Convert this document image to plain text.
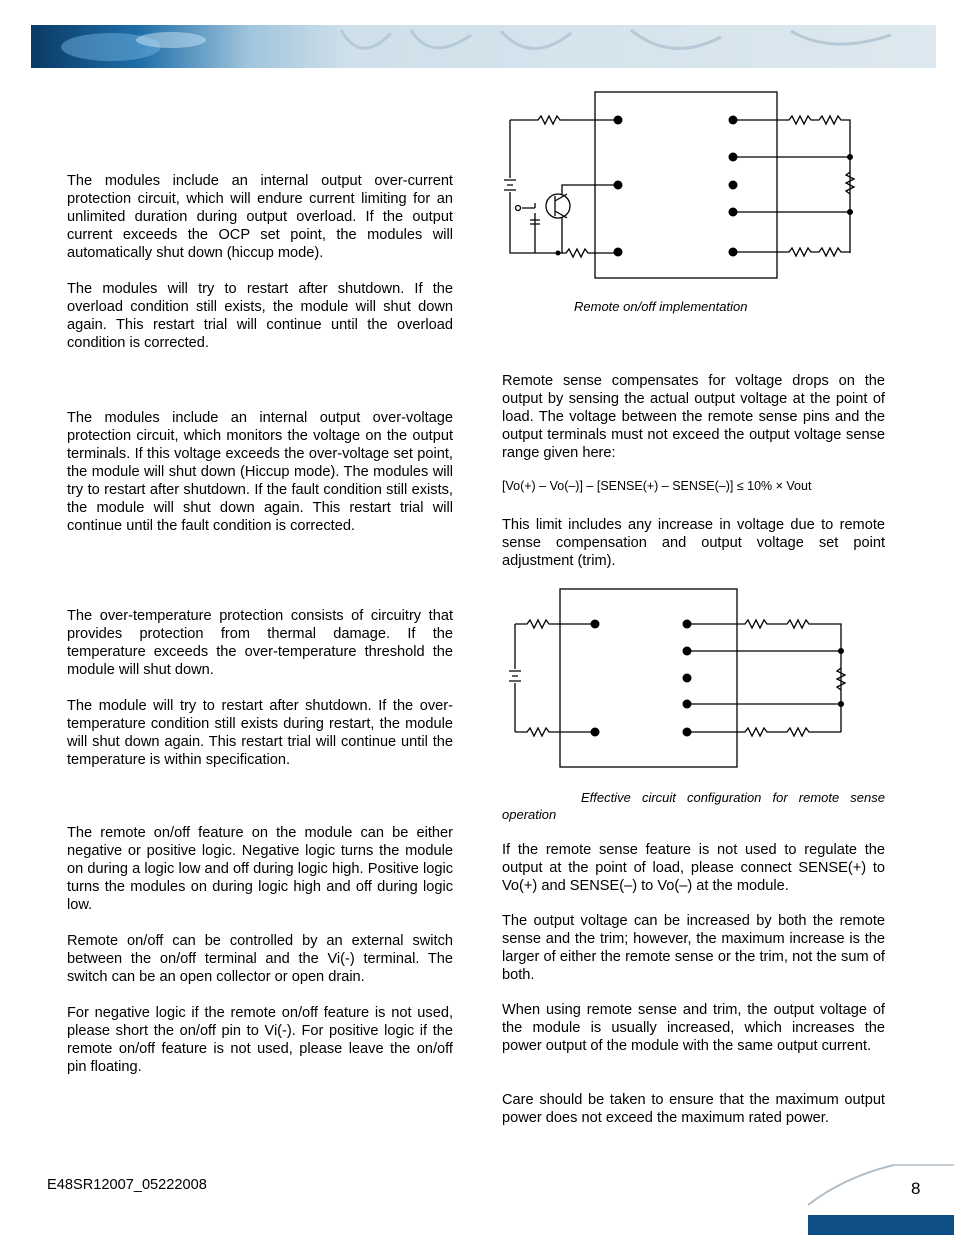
The modules include an internal output over-current protection circuit, which will endure current limiting for an unlimited duration during output overload. If the output current exceeds the OCP set point, the modules will automatically shut down (hiccup mode).

The modules will try to restart after shutdown. If the overload condition still exists, the module will shut down again. This restart trial will continue until the overload condition is corrected.

The modules include an internal output over-voltage protection circuit, which monitors the voltage on the output terminals. If this voltage exceeds the over-voltage set point, the module will shut down (Hiccup mode). The modules will try to restart after shutdown. If the fault condition still exists, the module will shut down again. This restart trial will continue until the fault condition is corrected.

The over-temperature protection consists of circuitry that provides protection from thermal damage. If the temperature exceeds the over-temperature threshold the module will shut down.

The module will try to restart after shutdown. If the over-temperature condition still exists during restart, the module will shut down again. This restart trial will continue until the temperature is within specification.

The remote on/off feature on the module can be either negative or positive logic. Negative logic turns the module on during a logic low and off during logic high. Positive logic turns the modules on during logic high and off during logic low.

Remote on/off can be controlled by an external switch between the on/off terminal and the Vi(-) terminal. The switch can be an open collector or open drain.

For negative logic if the remote on/off feature is not used, please short the on/off pin to Vi(-). For positive logic if the remote on/off feature is not used, please leave the on/off pin floating.

Remote on/off implementation

Remote sense compensates for voltage drops on the output by sensing the actual output voltage at the point of load. The voltage between the remote sense pins and the output terminals must not exceed the output voltage sense range given here:

[Vo(+) – Vo(–)] – [SENSE(+) – SENSE(–)] ≤ 10% × Vout

This limit includes any increase in voltage due to remote sense compensation and output voltage set point adjustment (trim).

Effective circuit configuration for remote sense operation

If the remote sense feature is not used to regulate the output at the point of load, please connect SENSE(+) to Vo(+) and SENSE(–) to Vo(–) at the module.

The output voltage can be increased by both the remote sense and the trim; however, the maximum increase is the larger of either the remote sense or the trim, not the sum of both.

When using remote sense and trim, the output voltage of the module is usually increased, which increases the power output of the module with the same output current.

Care should be taken to ensure that the maximum output power does not exceed the maximum rated power.

E48SR12007_05222008	8
